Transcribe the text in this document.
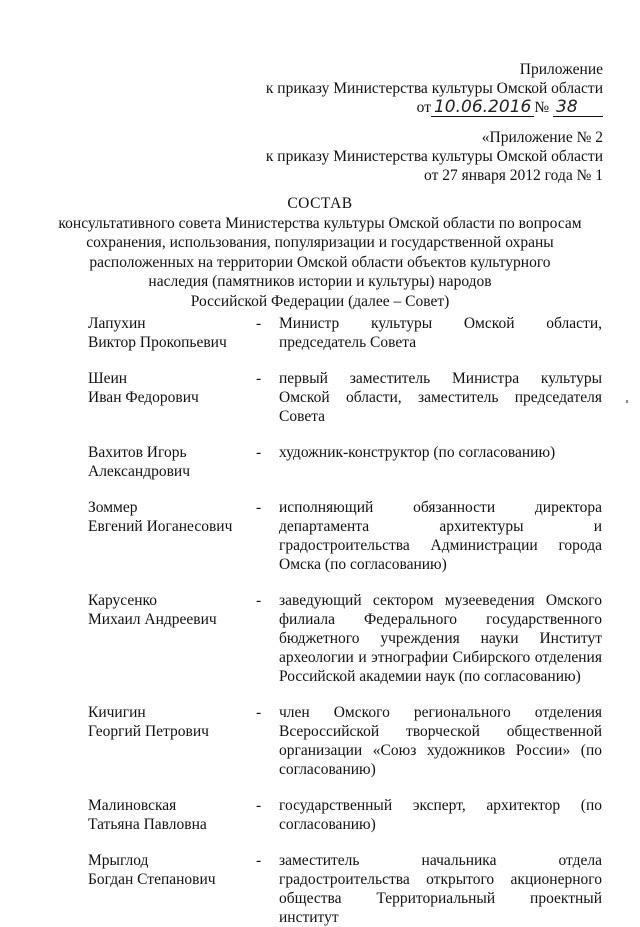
Приложение
к приказу Министерства культуры Омской области
от 10.06.2016 № 38
«Приложение № 2
к приказу Министерства культуры Омской области
от 27 января 2012 года № 1
СОСТАВ
консультативного совета Министерства культуры Омской области по вопросам
сохранения, использования, популяризации и государственной охраны
расположенных на территории Омской области объектов культурного
наследия (памятников истории и культуры) народов
Российской Федерации (далее – Совет)
Лапухин
Виктор Прокопьевич
-	Министр культуры Омской области, председатель Совета
Шеин
Иван Федорович
-	первый заместитель Министра культуры Омской области, заместитель председателя Совета
Вахитов Игорь
Александрович
-	художник-конструктор (по согласованию)
Зоммер
Евгений Иоганесович
-	исполняющий обязанности директора департамента архитектуры и градостроительства Администрации города Омска (по согласованию)
Карусенко
Михаил Андреевич
-	заведующий сектором музееведения Омского филиала Федерального государственного бюджетного учреждения науки Институт археологии и этнографии Сибирского отделения Российской академии наук (по согласованию)
Кичигин
Георгий Петрович
-	член Омского регионального отделения Всероссийской творческой общественной организации «Союз художников России» (по согласованию)
Малиновская
Татьяна Павловна
-	государственный эксперт, архитектор (по согласованию)
Мрыглод
Богдан Степанович
-	заместитель начальника отдела градостроительства открытого акционерного общества Территориальный проектный институт
